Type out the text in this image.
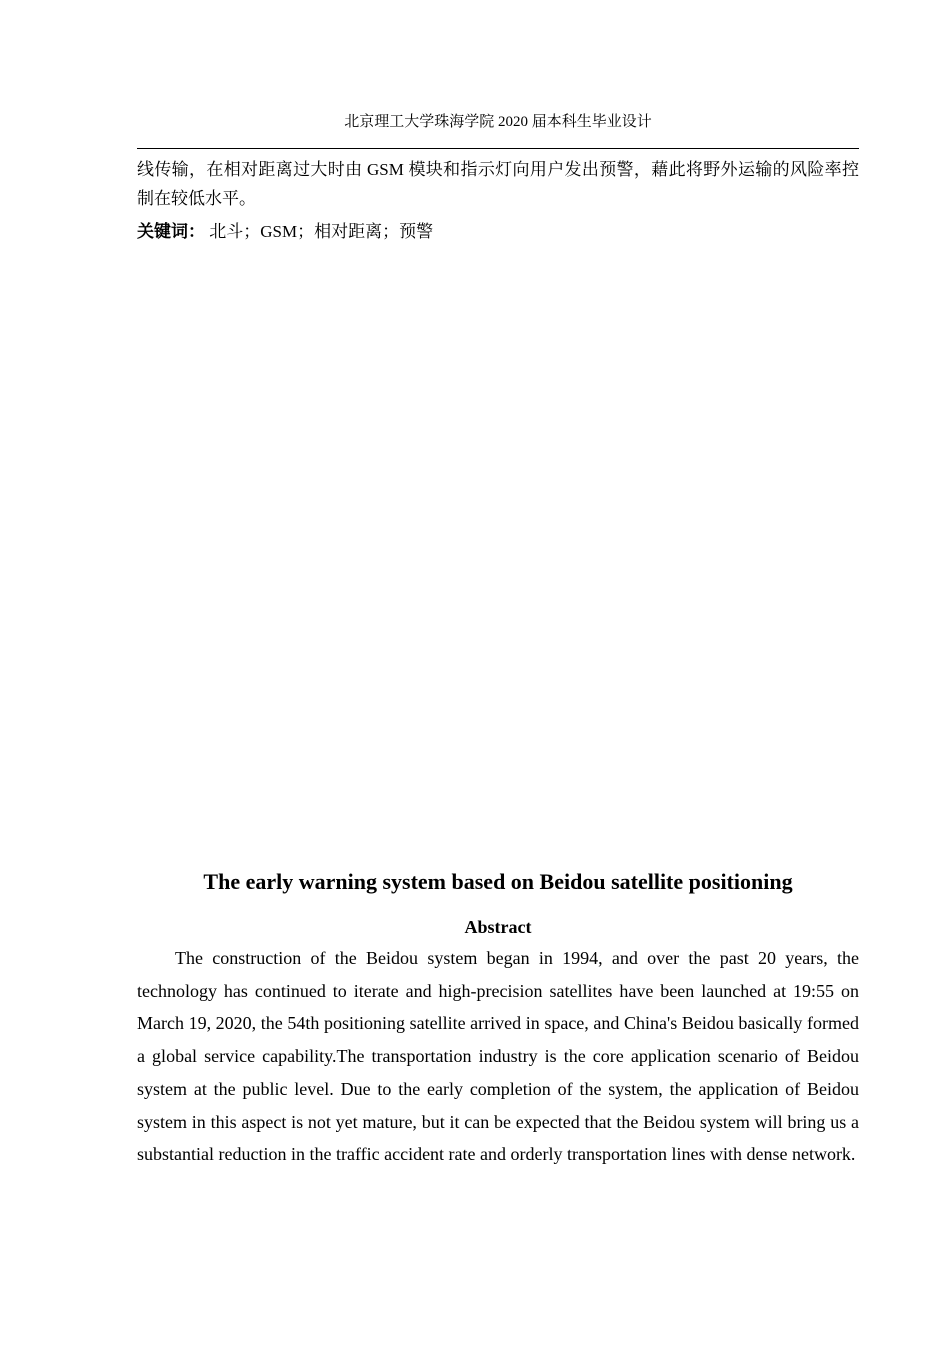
北京理工大学珠海学院 2020 届本科生毕业设计
线传输，在相对距离过大时由 GSM 模块和指示灯向用户发出预警，藉此将野外运输的风险率控制在较低水平。
关键词： 北斗；GSM；相对距离；预警
The early warning system based on Beidou satellite positioning
Abstract

The construction of the Beidou system began in 1994, and over the past 20 years, the technology has continued to iterate and high-precision satellites have been launched at 19:55 on March 19, 2020, the 54th positioning satellite arrived in space, and China's Beidou basically formed a global service capability.The transportation industry is the core application scenario of Beidou system at the public level. Due to the early completion of the system, the application of Beidou system in this aspect is not yet mature, but it can be expected that the Beidou system will bring us a substantial reduction in the traffic accident rate and orderly transportation lines with dense network.
